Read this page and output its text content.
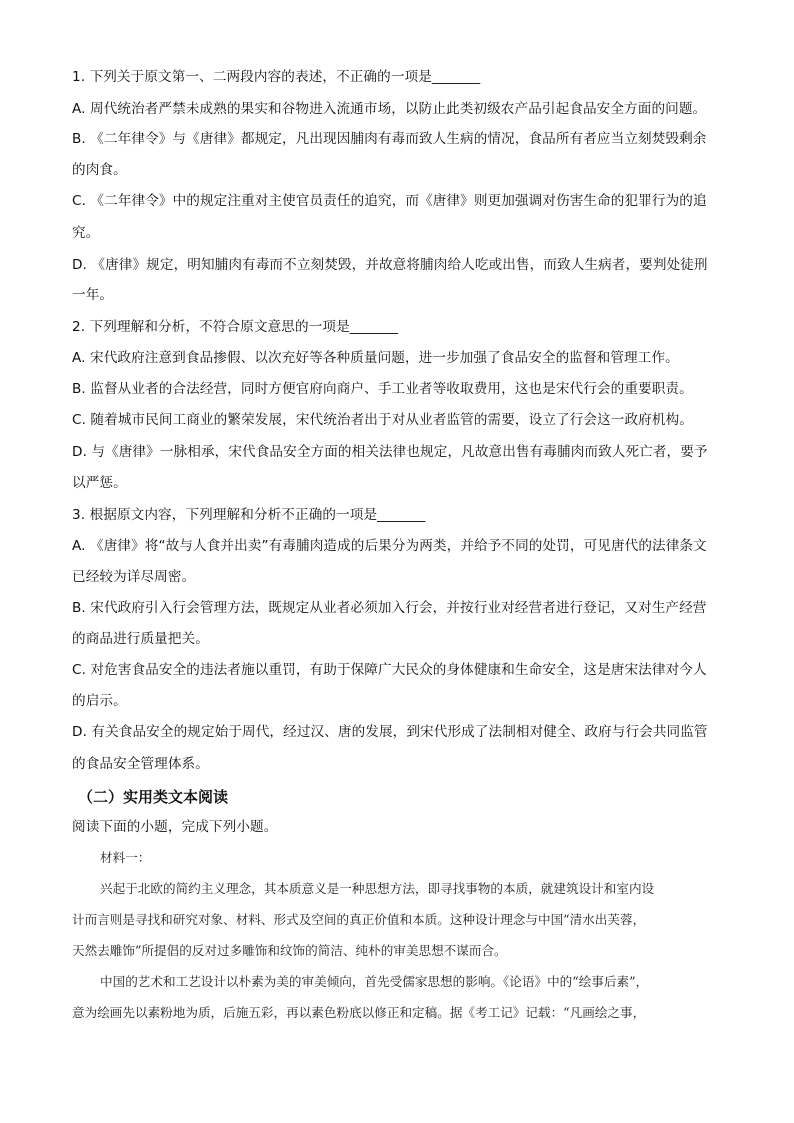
1. 下列关于原文第一、二两段内容的表述，不正确的一项是_______
A. 周代统治者严禁未成熟的果实和谷物进入流通市场，以防止此类初级农产品引起食品安全方面的问题。
B. 《二年律令》与《唐律》都规定，凡出现因脯肉有毒而致人生病的情况，食品所有者应当立刻焚毁剩余
的肉食。
C. 《二年律令》中的规定注重对主使官员责任的追究，而《唐律》则更加强调对伤害生命的犯罪行为的追
究。
D. 《唐律》规定，明知脯肉有毒而不立刻焚毁，并故意将脯肉给人吃或出售，而致人生病者，要判处徒刑
一年。
2. 下列理解和分析，不符合原文意思的一项是_______
A. 宋代政府注意到食品掺假、以次充好等各种质量问题，进一步加强了食品安全的监督和管理工作。
B. 监督从业者的合法经营，同时方便官府向商户、手工业者等收取费用，这也是宋代行会的重要职责。
C. 随着城市民间工商业的繁荣发展，宋代统治者出于对从业者监管的需要，设立了行会这一政府机构。
D. 与《唐律》一脉相承，宋代食品安全方面的相关法律也规定，凡故意出售有毒脯肉而致人死亡者，要予
以严惩。
3. 根据原文内容，下列理解和分析不正确的一项是_______
A. 《唐律》将“故与人食并出卖”有毒脯肉造成的后果分为两类，并给予不同的处罚，可见唐代的法律条文
已经较为详尽周密。
B. 宋代政府引入行会管理方法，既规定从业者必须加入行会，并按行业对经营者进行登记，又对生产经营
的商品进行质量把关。
C. 对危害食品安全的违法者施以重罚，有助于保障广大民众的身体健康和生命安全，这是唐宋法律对今人
的启示。
D. 有关食品安全的规定始于周代，经过汉、唐的发展，到宋代形成了法制相对健全、政府与行会共同监管
的食品安全管理体系。
（二）实用类文本阅读
阅读下面的小题，完成下列小题。
材料一：
兴起于北欧的简约主义理念，其本质意义是一种思想方法，即寻找事物的本质，就建筑设计和室内设
计而言则是寻找和研究对象、材料、形式及空间的真正价值和本质。这种设计理念与中国“清水出芙蓉，
天然去雕饰”所提倡的反对过多雕饰和纹饰的简洁、纯朴的审美思想不谋而合。
中国的艺术和工艺设计以朴素为美的审美倾向，首先受儒家思想的影响。《论语》中的“绘事后素”，
意为绘画先以素粉地为质，后施五彩，再以素色粉底以修正和定稿。据《考工记》记载：“凡画绘之事，
